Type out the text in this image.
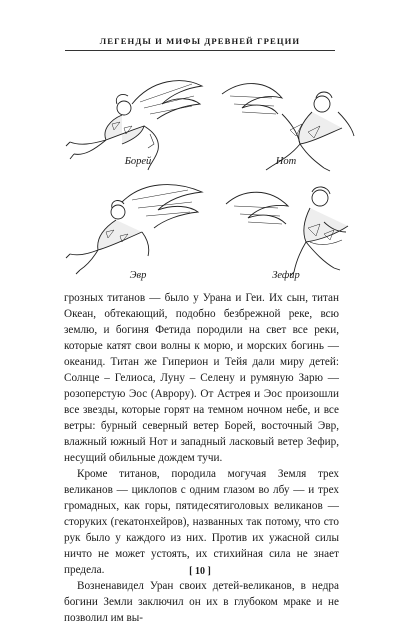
ЛЕГЕНДЫ И МИФЫ ДРЕВНЕЙ ГРЕЦИИ
Борей	Нот
Эвр	Зефир

грозных титанов — было у Урана и Геи. Их сын, титан Океан, обтекающий, подобно безбрежной реке, всю землю, и богиня Фетида породили на свет все реки, которые катят свои волны к морю, и морских богинь — океанид. Титан же Гиперион и Тейя дали миру детей: Солнце – Гелиоса, Луну – Селену и румяную Зарю — розоперстую Эос (Аврору). От Астрея и Эос произошли все звезды, которые горят на темном ночном небе, и все ветры: бурный северный ветер Борей, восточный Эвр, влажный южный Нот и западный ласковый ветер Зефир, несущий обильные дождем тучи.

Кроме титанов, породила могучая Земля трех великанов — циклопов с одним глазом во лбу — и трех громадных, как горы, пятидесятиголовых великанов — сторуких (гекатонхейров), названных так потому, что сто рук было у каждого из них. Против их ужасной силы ничто не может устоять, их стихийная сила не знает предела.

Возненавидел Уран своих детей-великанов, в недра богини Земли заключил он их в глубоком мраке и не позволил им вы-

[ 10 ]
